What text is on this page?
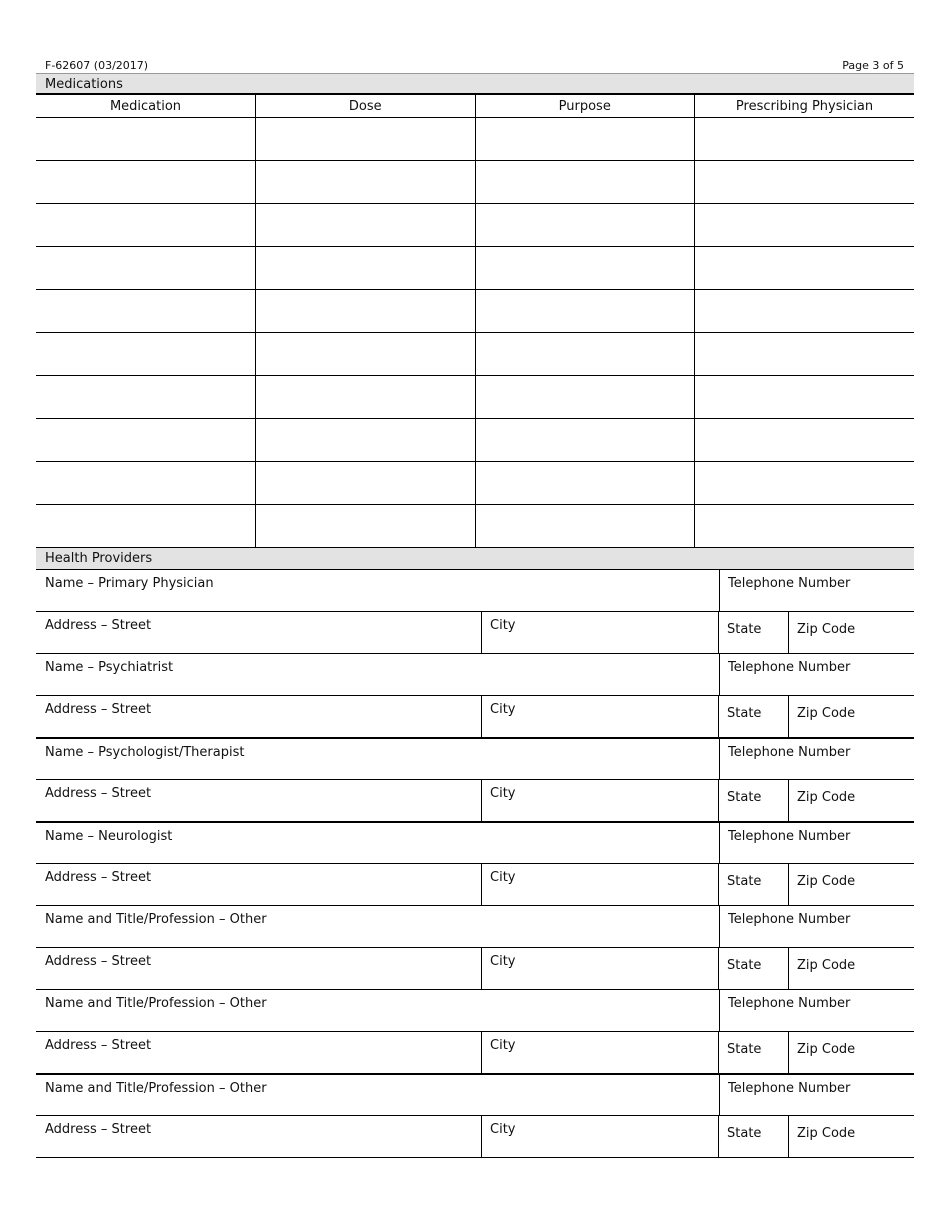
F-62607 (03/2017)	Page 3 of 5
Medications
Medication	Dose	Purpose	Prescribing Physician

Health Providers
Name – Primary Physician	Telephone Number
Address – Street	City	State	Zip Code
Name – Psychiatrist	Telephone Number
Address – Street	City	State	Zip Code
Name – Psychologist/Therapist	Telephone Number
Address – Street	City	State	Zip Code
Name – Neurologist	Telephone Number
Address – Street	City	State	Zip Code
Name and Title/Profession – Other	Telephone Number
Address – Street	City	State	Zip Code
Name and Title/Profession – Other	Telephone Number
Address – Street	City	State	Zip Code
Name and Title/Profession – Other	Telephone Number
Address – Street	City	State	Zip Code
